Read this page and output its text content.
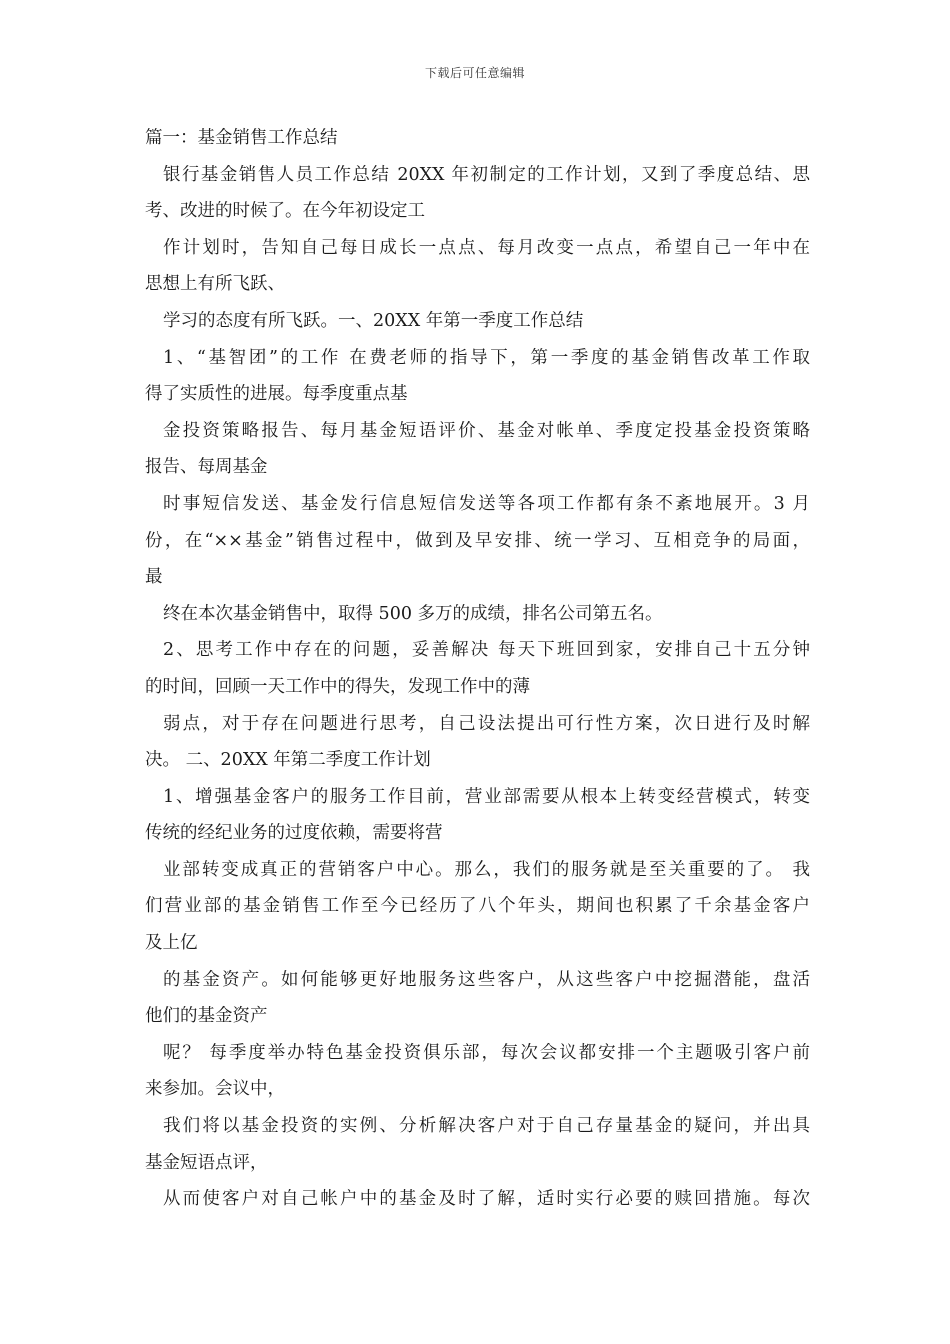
下载后可任意编辑
篇一：基金销售工作总结
银行基金销售人员工作总结 20XX 年初制定的工作计划，又到了季度总结、思
考、改进的时候了。在今年初设定工
作计划时，告知自己每日成长一点点、每月改变一点点，希望自己一年中在
思想上有所飞跃、
学习的态度有所飞跃。一、20XX 年第一季度工作总结
1、“基智团”的工作 在费老师的指导下，第一季度的基金销售改革工作取
得了实质性的进展。每季度重点基
金投资策略报告、每月基金短语评价、基金对帐单、季度定投基金投资策略
报告、每周基金
时事短信发送、基金发行信息短信发送等各项工作都有条不紊地展开。3 月
份，在“××基金”销售过程中，做到及早安排、统一学习、互相竞争的局面，
最
终在本次基金销售中，取得 500 多万的成绩，排名公司第五名。
2、思考工作中存在的问题，妥善解决 每天下班回到家，安排自己十五分钟
的时间，回顾一天工作中的得失，发现工作中的薄
弱点，对于存在问题进行思考，自己设法提出可行性方案，次日进行及时解
决。 二、20XX 年第二季度工作计划
1、增强基金客户的服务工作目前，营业部需要从根本上转变经营模式，转变
传统的经纪业务的过度依赖，需要将营
业部转变成真正的营销客户中心。那么，我们的服务就是至关重要的了。 我
们营业部的基金销售工作至今已经历了八个年头，期间也积累了千余基金客户
及上亿
的基金资产。如何能够更好地服务这些客户，从这些客户中挖掘潜能，盘活
他们的基金资产
呢？ 每季度举办特色基金投资俱乐部，每次会议都安排一个主题吸引客户前
来参加。会议中，
我们将以基金投资的实例、分析解决客户对于自己存量基金的疑问，并出具
基金短语点评，
从而使客户对自己帐户中的基金及时了解，适时实行必要的赎回措施。每次
